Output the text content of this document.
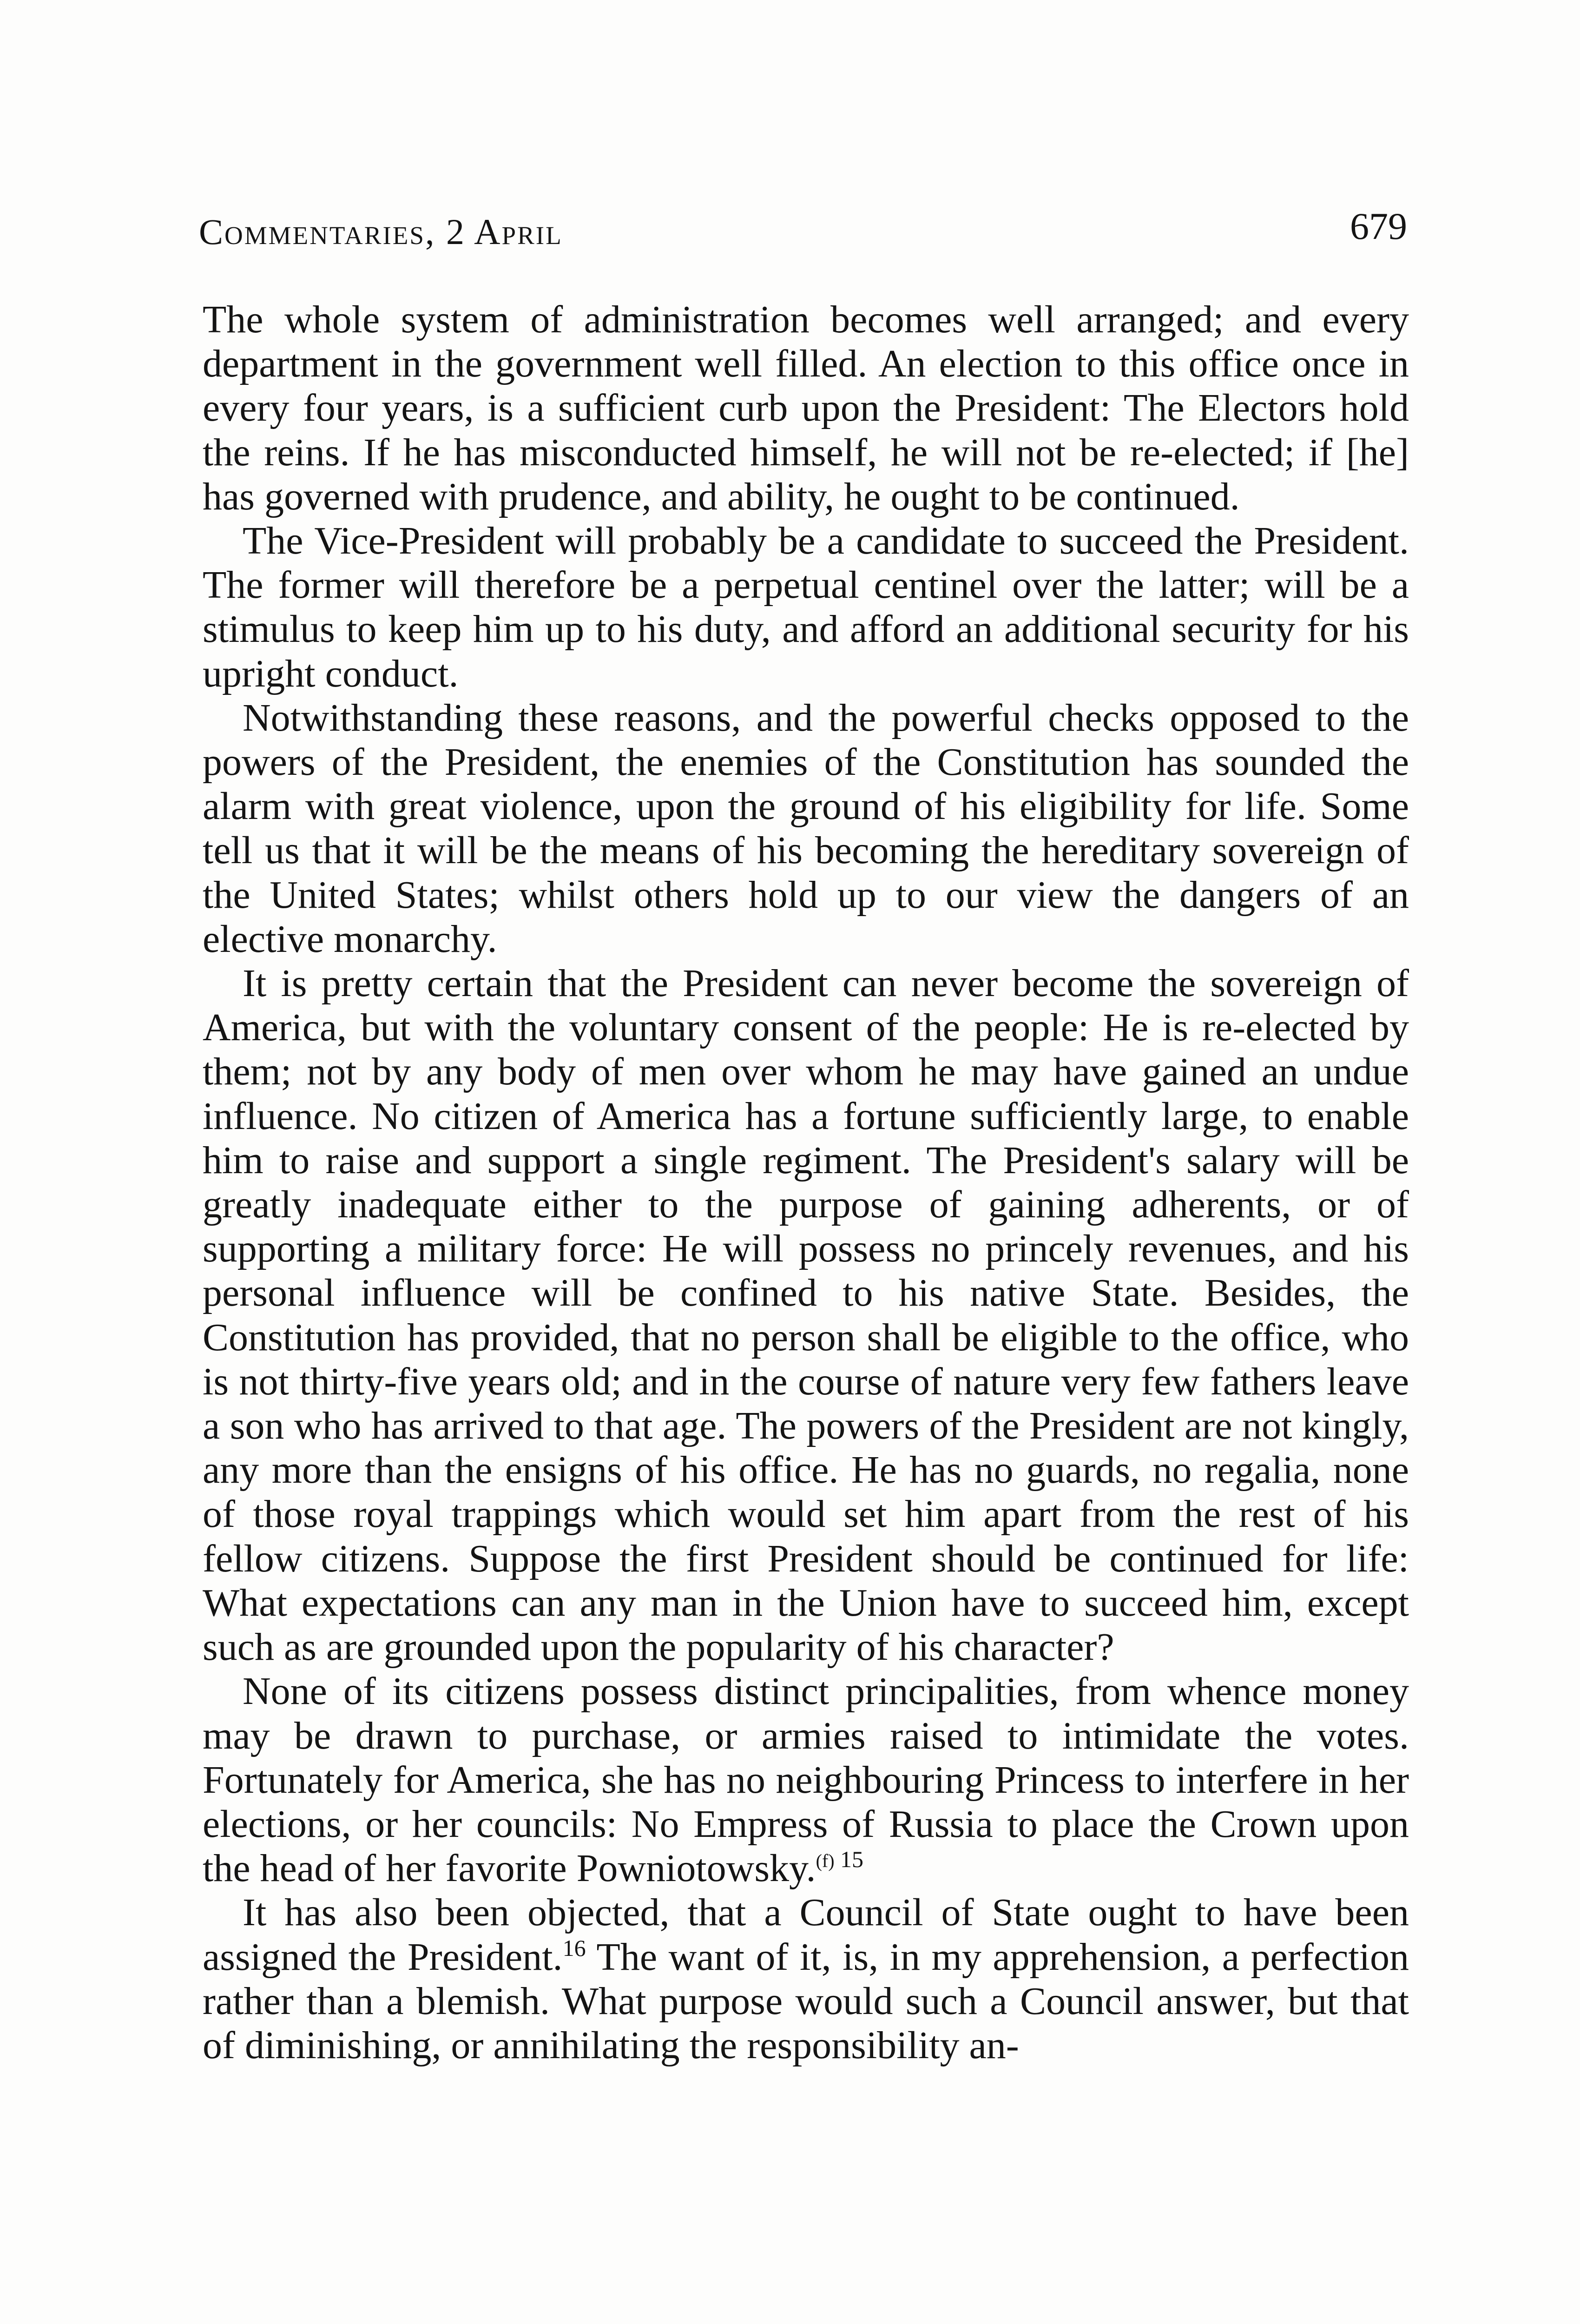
Commentaries, 2 April	679

The whole system of administration becomes well arranged; and every department in the government well filled. An election to this office once in every four years, is a sufficient curb upon the President: The Electors hold the reins. If he has misconducted himself, he will not be re-elected; if [he] has governed with prudence, and ability, he ought to be continued.

The Vice-President will probably be a candidate to succeed the President. The former will therefore be a perpetual centinel over the latter; will be a stimulus to keep him up to his duty, and afford an additional security for his upright conduct.

Notwithstanding these reasons, and the powerful checks opposed to the powers of the President, the enemies of the Constitution has sounded the alarm with great violence, upon the ground of his eligibility for life. Some tell us that it will be the means of his becoming the hereditary sovereign of the United States; whilst others hold up to our view the dangers of an elective monarchy.

It is pretty certain that the President can never become the sovereign of America, but with the voluntary consent of the people: He is re-elected by them; not by any body of men over whom he may have gained an undue influence. No citizen of America has a fortune sufficiently large, to enable him to raise and support a single regiment. The President's salary will be greatly inadequate either to the purpose of gaining adherents, or of supporting a military force: He will possess no princely revenues, and his personal influence will be confined to his native State. Besides, the Constitution has provided, that no person shall be eligible to the office, who is not thirty-five years old; and in the course of nature very few fathers leave a son who has arrived to that age. The powers of the President are not kingly, any more than the ensigns of his office. He has no guards, no regalia, none of those royal trappings which would set him apart from the rest of his fellow citizens. Suppose the first President should be continued for life: What expectations can any man in the Union have to succeed him, except such as are grounded upon the popularity of his character?

None of its citizens possess distinct principalities, from whence money may be drawn to purchase, or armies raised to intimidate the votes. Fortunately for America, she has no neighbouring Princess to interfere in her elections, or her councils: No Empress of Russia to place the Crown upon the head of her favorite Powniotowsky.$^{(f) 15}$

It has also been objected, that a Council of State ought to have been assigned the President.$^{16}$ The want of it, is, in my apprehension, a perfection rather than a blemish. What purpose would such a Council answer, but that of diminishing, or annihilating the responsibility an-
